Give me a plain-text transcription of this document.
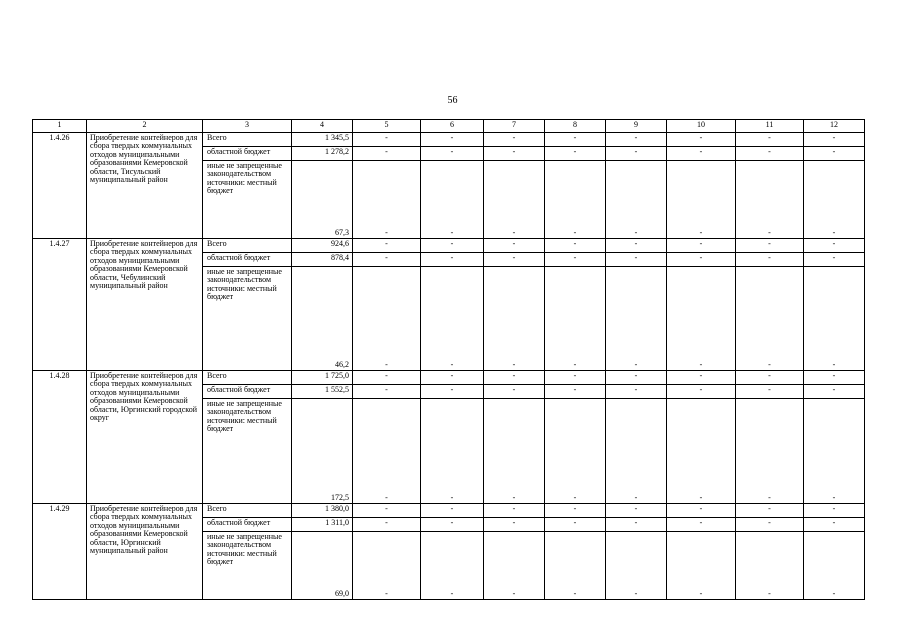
56
1	2	3	4	5	6	7	8	9	10	11	12
1.4.26	Приобретение контейнеров для сбора твердых коммунальных отходов муниципальными образованиями Кемеровской области, Тисульский муниципальный район	Всего	1 345,5	-	-	-	-	-	-	-	-
		областной бюджет	1 278,2	-	-	-	-	-	-	-	-
		иные не запрещенные законодательством источники: местный бюджет	67,3	-	-	-	-	-	-	-	-
1.4.27	Приобретение контейнеров для сбора твердых коммунальных отходов муниципальными образованиями Кемеровской области, Чебулинский муниципальный район	Всего	924,6	-	-	-	-	-	-	-	-
		областной бюджет	878,4	-	-	-	-	-	-	-	-
		иные не запрещенные законодательством источники: местный бюджет	46,2	-	-	-	-	-	-	-	-
1.4.28	Приобретение контейнеров для сбора твердых коммунальных отходов муниципальными образованиями Кемеровской области, Юргинский городской округ	Всего	1 725,0	-	-	-	-	-	-	-	-
		областной бюджет	1 552,5	-	-	-	-	-	-	-	-
		иные не запрещенные законодательством источники: местный бюджет	172,5	-	-	-	-	-	-	-	-
1.4.29	Приобретение контейнеров для сбора твердых коммунальных отходов муниципальными образованиями Кемеровской области, Юргинский муниципальный район	Всего	1 380,0	-	-	-	-	-	-	-	-
		областной бюджет	1 311,0	-	-	-	-	-	-	-	-
		иные не запрещенные законодательством источники: местный бюджет	69,0	-	-	-	-	-	-	-	-
